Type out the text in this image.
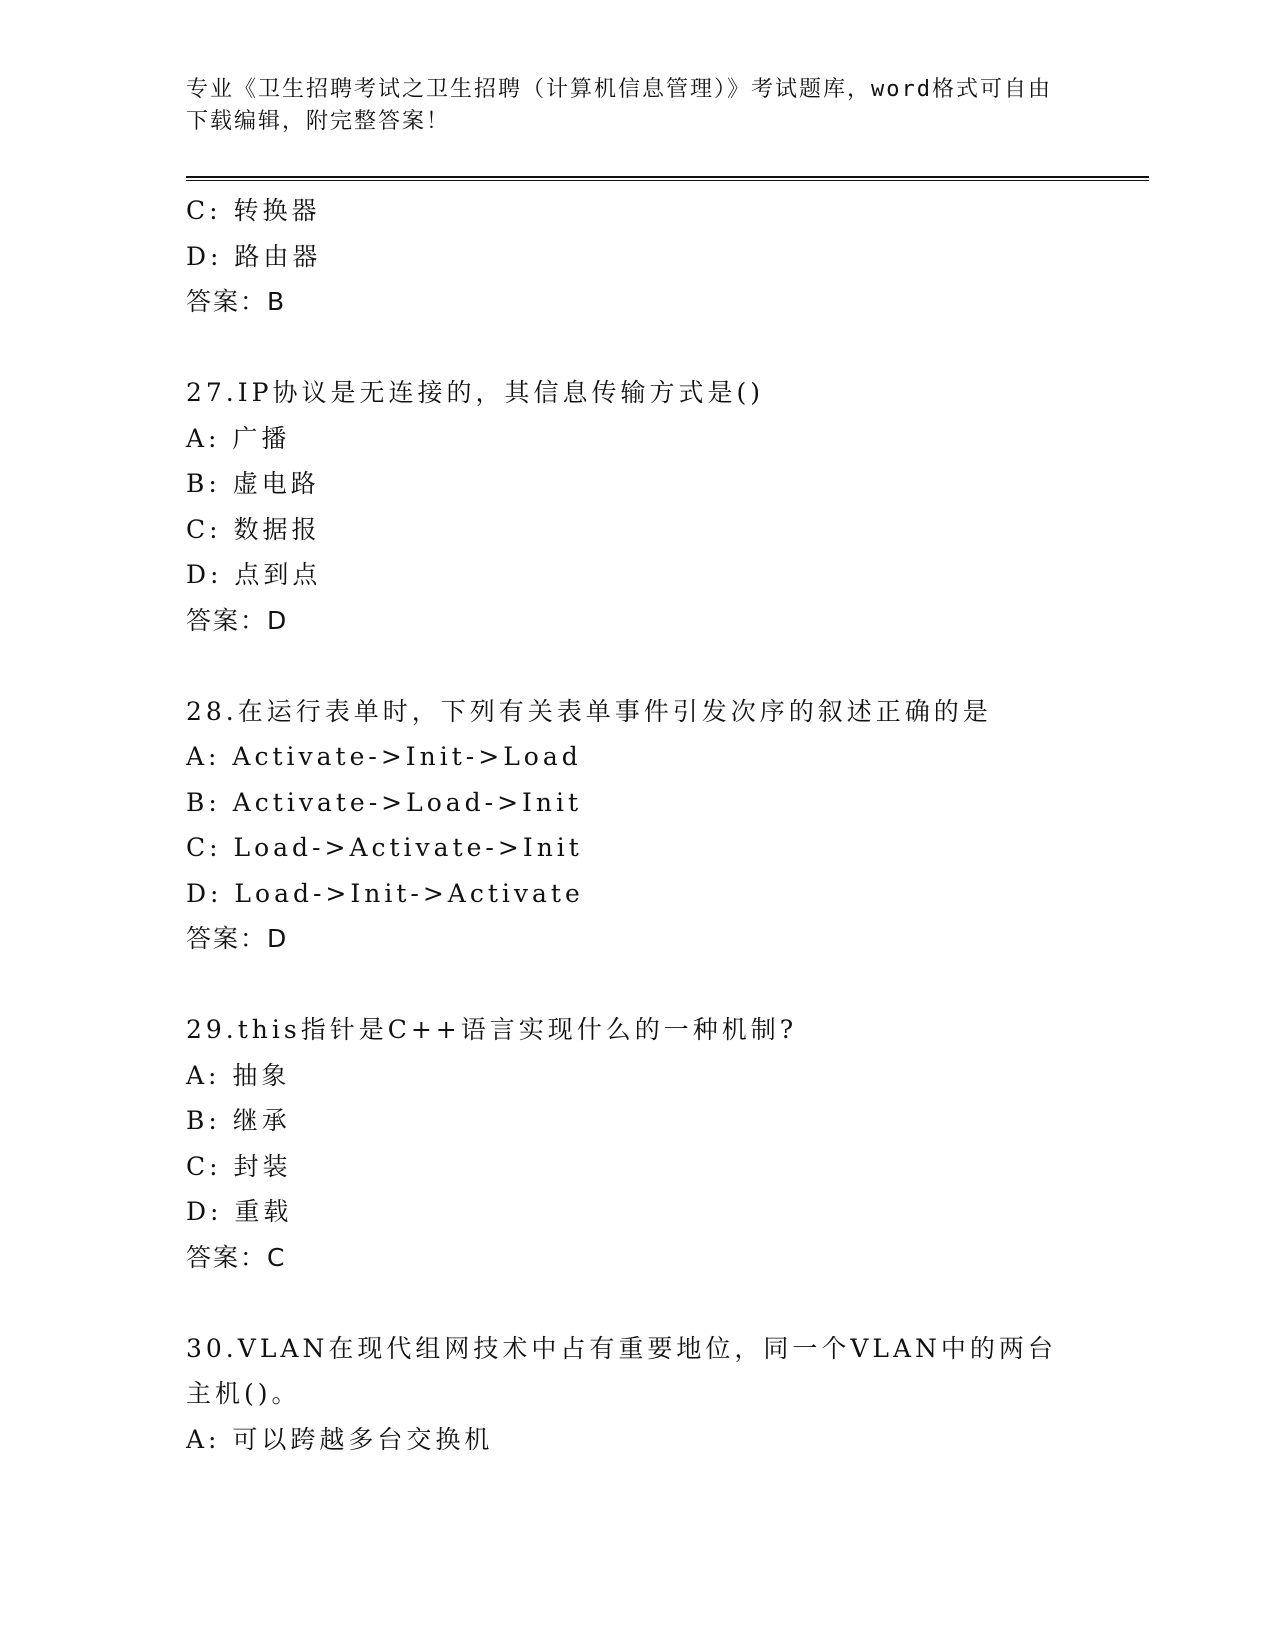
专业《卫生招聘考试之卫生招聘（计算机信息管理）》考试题库，word格式可自由下载编辑，附完整答案！
C: 转换器
D: 路由器
答案：B
27.IP协议是无连接的，其信息传输方式是()
A: 广播
B: 虚电路
C: 数据报
D: 点到点
答案：D
28.在运行表单时，下列有关表单事件引发次序的叙述正确的是
A: Activate->Init->Load
B: Activate->Load->Init
C: Load->Activate->Init
D: Load->Init->Activate
答案：D
29.this指针是C++语言实现什么的一种机制?
A: 抽象
B: 继承
C: 封装
D: 重载
答案：C
30.VLAN在现代组网技术中占有重要地位，同一个VLAN中的两台主机()。
A: 可以跨越多台交换机
